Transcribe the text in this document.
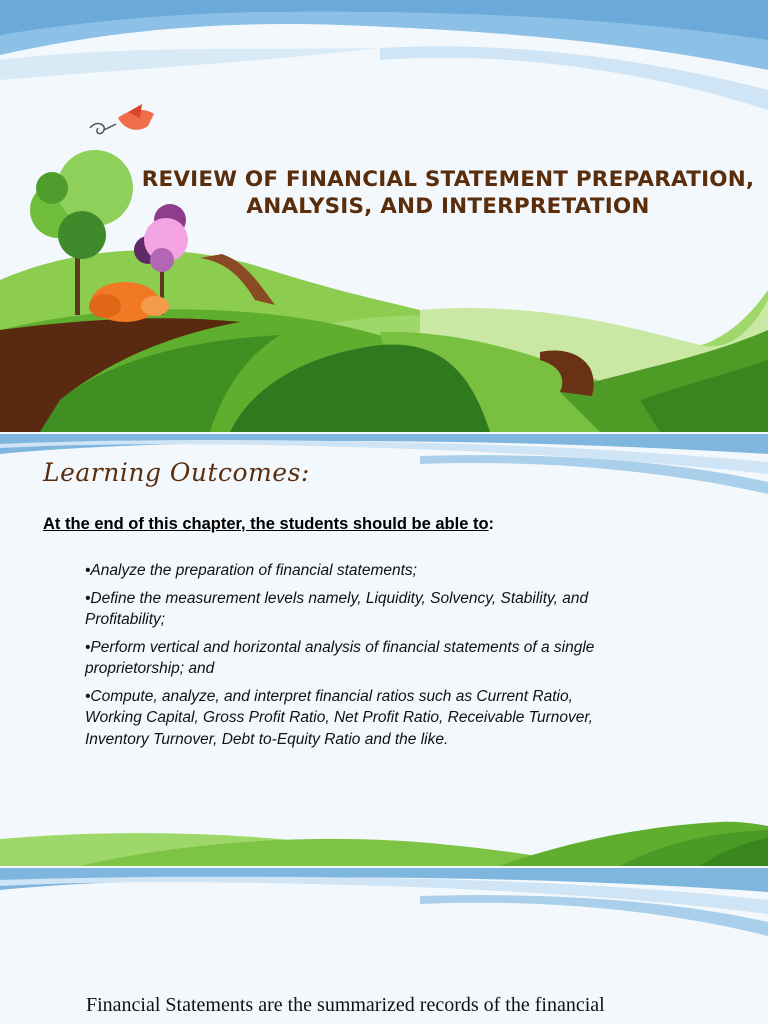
REVIEW OF FINANCIAL STATEMENT PREPARATION,
ANALYSIS, AND INTERPRETATION
Learning Outcomes:
At the end of this chapter, the students should be able to:
•Analyze the preparation of financial statements;
•Define the measurement levels namely, Liquidity, Solvency, Stability, and Profitability;
•Perform vertical and horizontal analysis of financial statements of a single proprietorship; and
•Compute, analyze, and interpret financial ratios such as Current Ratio, Working Capital, Gross Profit Ratio, Net Profit Ratio, Receivable Turnover, Inventory Turnover, Debt to-Equity Ratio and the like.
Financial Statements are the summarized records of the financial
